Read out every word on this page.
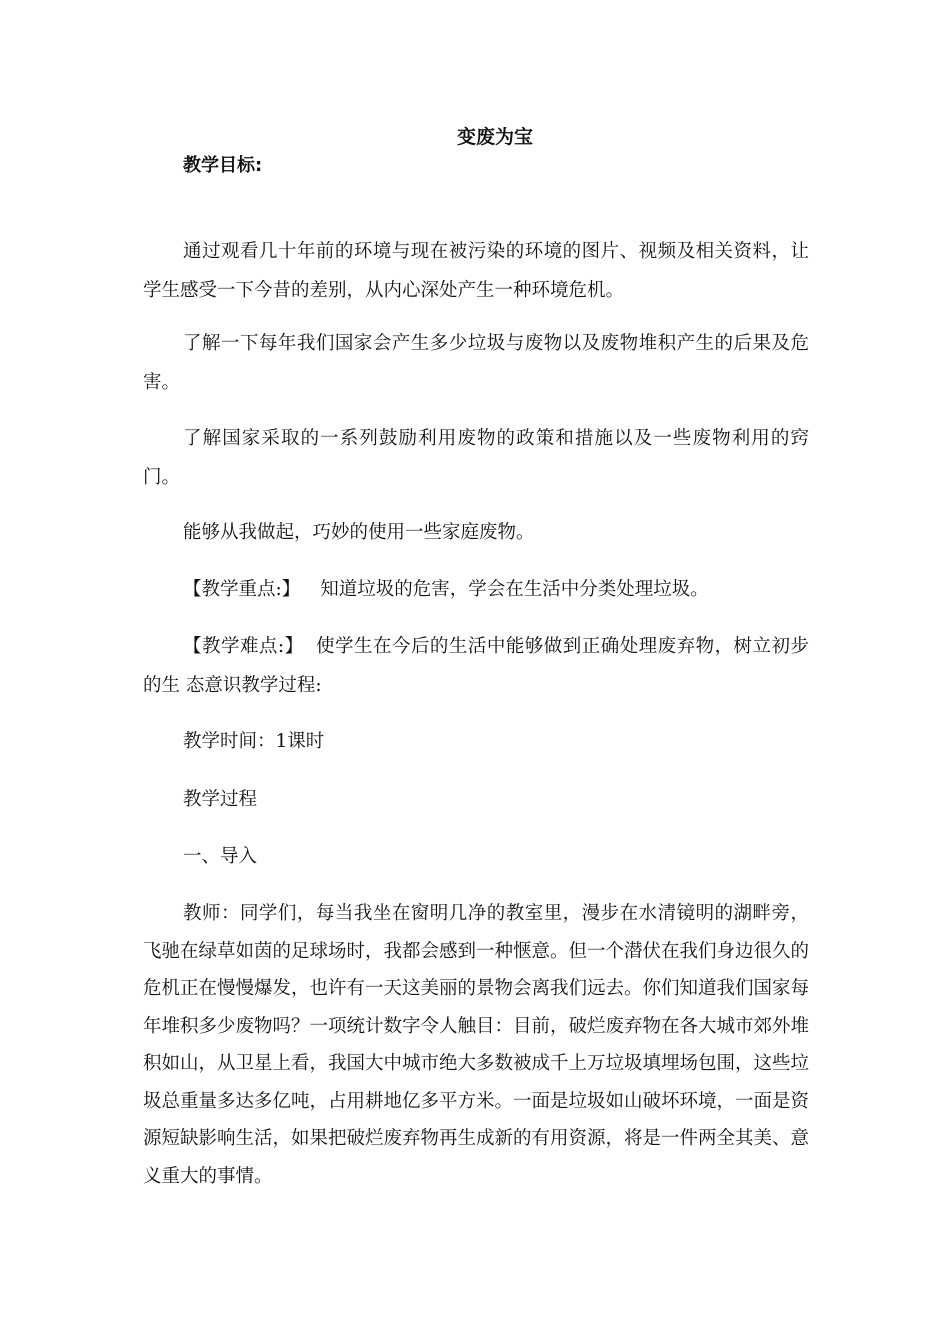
变废为宝
教学目标:

通过观看几十年前的环境与现在被污染的环境的图片、视频及相关资料，让学生感受一下今昔的差别，从内心深处产生一种环境危机。

了解一下每年我们国家会产生多少垃圾与废物以及废物堆积产生的后果及危害。

了解国家采取的一系列鼓励利用废物的政策和措施以及一些废物利用的窍门。

能够从我做起，巧妙的使用一些家庭废物。

【教学重点:】 知道垃圾的危害，学会在生活中分类处理垃圾。

【教学难点:】 使学生在今后的生活中能够做到正确处理废弃物，树立初步的生 态意识教学过程:

教学时间：1课时

教学过程

一、导入

教师：同学们，每当我坐在窗明几净的教室里，漫步在水清镜明的湖畔旁，飞驰在绿草如茵的足球场时，我都会感到一种惬意。但一个潜伏在我们身边很久的危机正在慢慢爆发，也许有一天这美丽的景物会离我们远去。你们知道我们国家每年堆积多少废物吗？一项统计数字令人触目：目前，破烂废弃物在各大城市郊外堆积如山，从卫星上看，我国大中城市绝大多数被成千上万垃圾填埋场包围，这些垃圾总重量多达多亿吨，占用耕地亿多平方米。一面是垃圾如山破坏环境，一面是资源短缺影响生活，如果把破烂废弃物再生成新的有用资源，将是一件两全其美、意义重大的事情。
